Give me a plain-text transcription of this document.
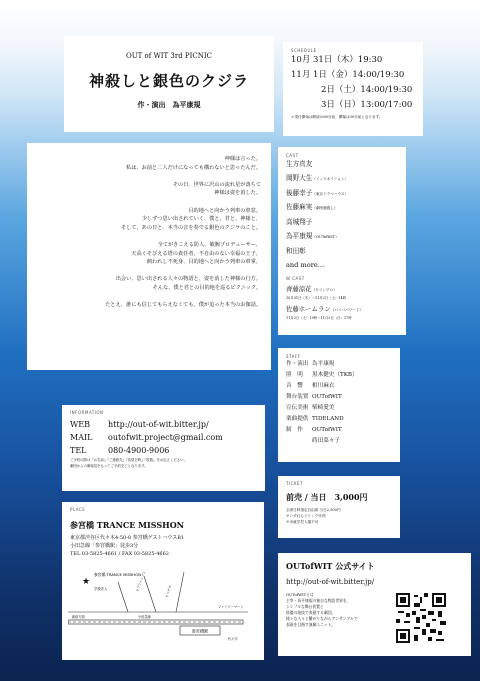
OUT of WIT 3rd PICNIC
神殺しと銀色のクジラ
作・演出　為平康規
SCHEDULE
10月 31日（木）19:30
11月 1日（金）14:00/19:30
2日（土）14:00/19:30
3日（日）13:00/17:00
＊受付開始は開演の60分前、開場は30分前となります。

神様は言った。

私は、お前と二人だけになっても構わないと思ったんだ。

その日、世界に沢山の流れ星が落ちて

神様は姿を消した。

目的地へと向かう列車の車窓。

少しずつ思い出されていく、僕と、君と、神様と、

そして、あの日と、本当の音を奏でる銀色のクジラのこと。

全てがきこえる防人、敏腕プロデューサー、

天高くそびえる塔の責任者、不自由のない幸福の王子、

飼われし不死身、目的地へと向かう列車の車掌、

出会い、思い出される人々の物語と、姿を消した神様の行方。

そんな、僕と君との目的地を巡るピクニック。

たとえ、誰にも信じてもらえなくても、僕が追った本当のお伽話。

CAST
生方真友
岡野大生（イッツネイション）
後藤幸子（東京ドラマハウス）
佐藤麻実（劇団鹿殺し）
高城翔子
為平康規（OUTofWIT）
和田彰
and more…
W CAST
齊藤涼花（キリンプロ）
10月31日（木）〜11月2日（土）14時
佐藤ホームラン（パパパパワード）
11月2日（土）19時〜11月3日（日）17時
STAFF
作・演出 為平康規
照　明 黒木健史（TKB）
音　響 相川麻衣
舞台装置 OUTofWIT
宣伝美術 柴崎愛美
楽曲提供 TIDELAND
制　作 OUTofWIT
蒔田菜々子
INFORMATION
WEB http://out-of-wit.bitter.jp/
MAIL outofwit.project@gmail.com
TEL	080-4900-9006
ご予約の際は『お名前』『ご連絡先』『希望日時』『枚数』をお伝えください。
劇団からの御返信をもってご予約完了となります。
TICKET
前売 / 当日　3,000円
全席日時指定自由席 当日2,500円
※いずれもドリンク代別
※未就学児入場不可
PLACE
参宮橋 TRANCE MISSHON
東京都渋谷区代々木4-50-8 参宮橋ゲストハウスB1
小田急線「参宮橋駅」徒歩3分
TEL 03-5825-4661 / FAX 03-5825-4662
参宮橋駅
★
参宮橋 TRANCE MISSHON
学校法人	セブンイレブン	ヤマザキ
ファミリーマート
新宿方面	小田急線
代々木
OUTofWIT 公式サイト
http://out-of-wit.bitter.jp/
OUTofWITとは
主宰・為平康規の独自な物語世界を、
シンプルな舞台装置と
俳優の演技で表現する劇団。
様々な人々と繋がりながらアンサンブルで
表現を目指す演劇ユニット。
